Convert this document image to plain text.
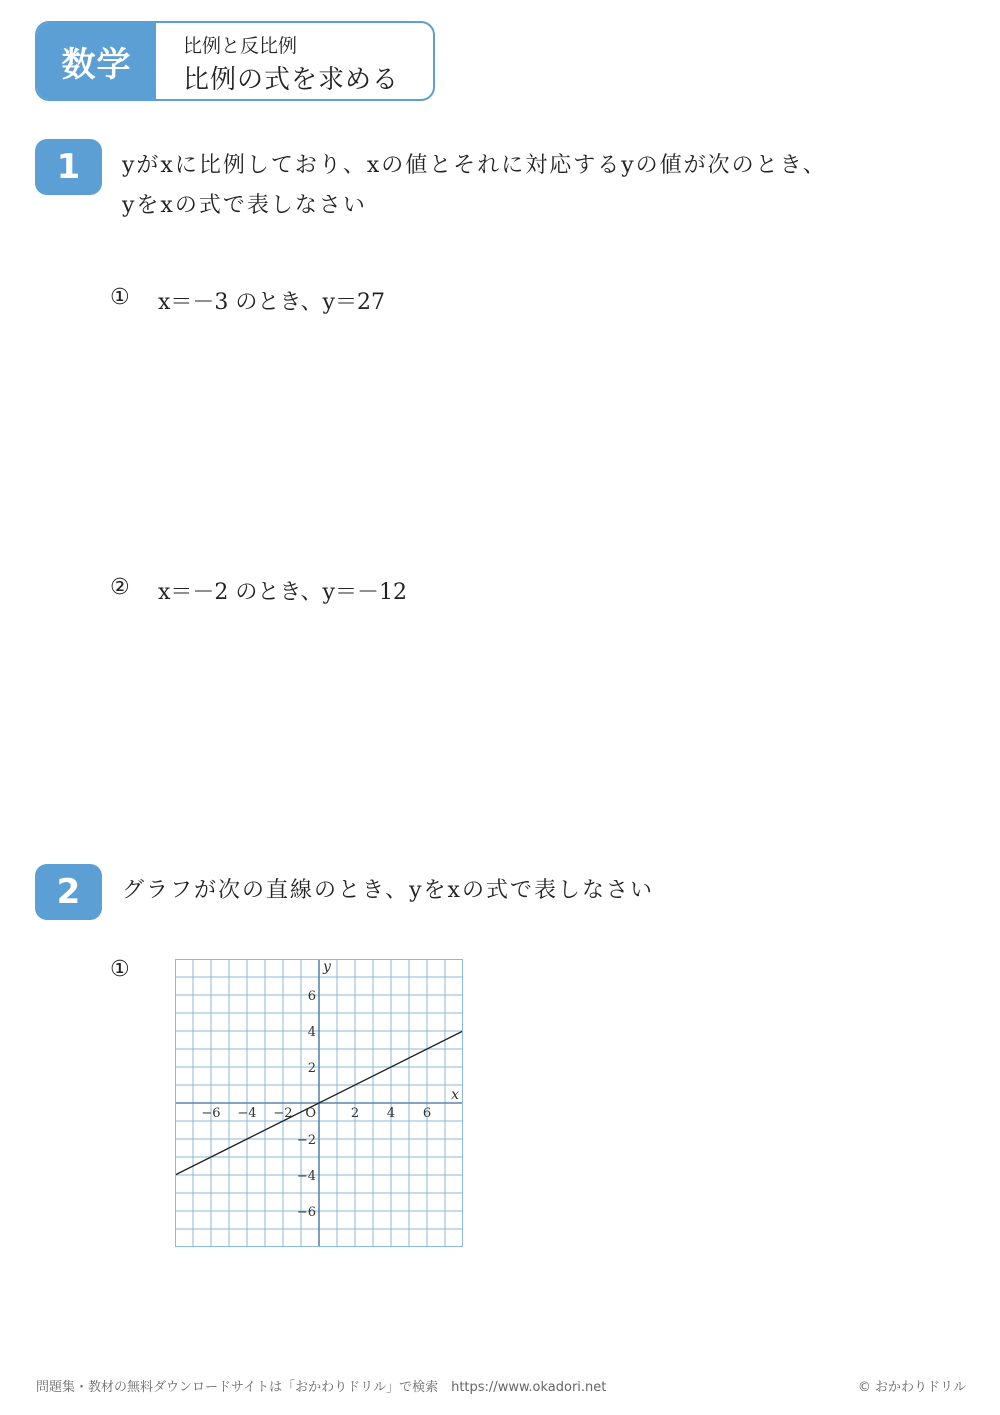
数学	比例と反比例
比例の式を求める
1	yがxに比例しており、xの値とそれに対応するyの値が次のとき、
yをxの式で表しなさい
① x＝－3 のとき、y＝27
② x＝－2 のとき、y＝－12
2	グラフが次の直線のとき、yをxの式で表しなさい
①
−6 −4 −2	2 4 6
6
4
2
−2
−4
−6
O
x
y
問題集・教材の無料ダウンロードサイトは「おかわりドリル」で検索　https://www.okadori.net	© おかわりドリル
